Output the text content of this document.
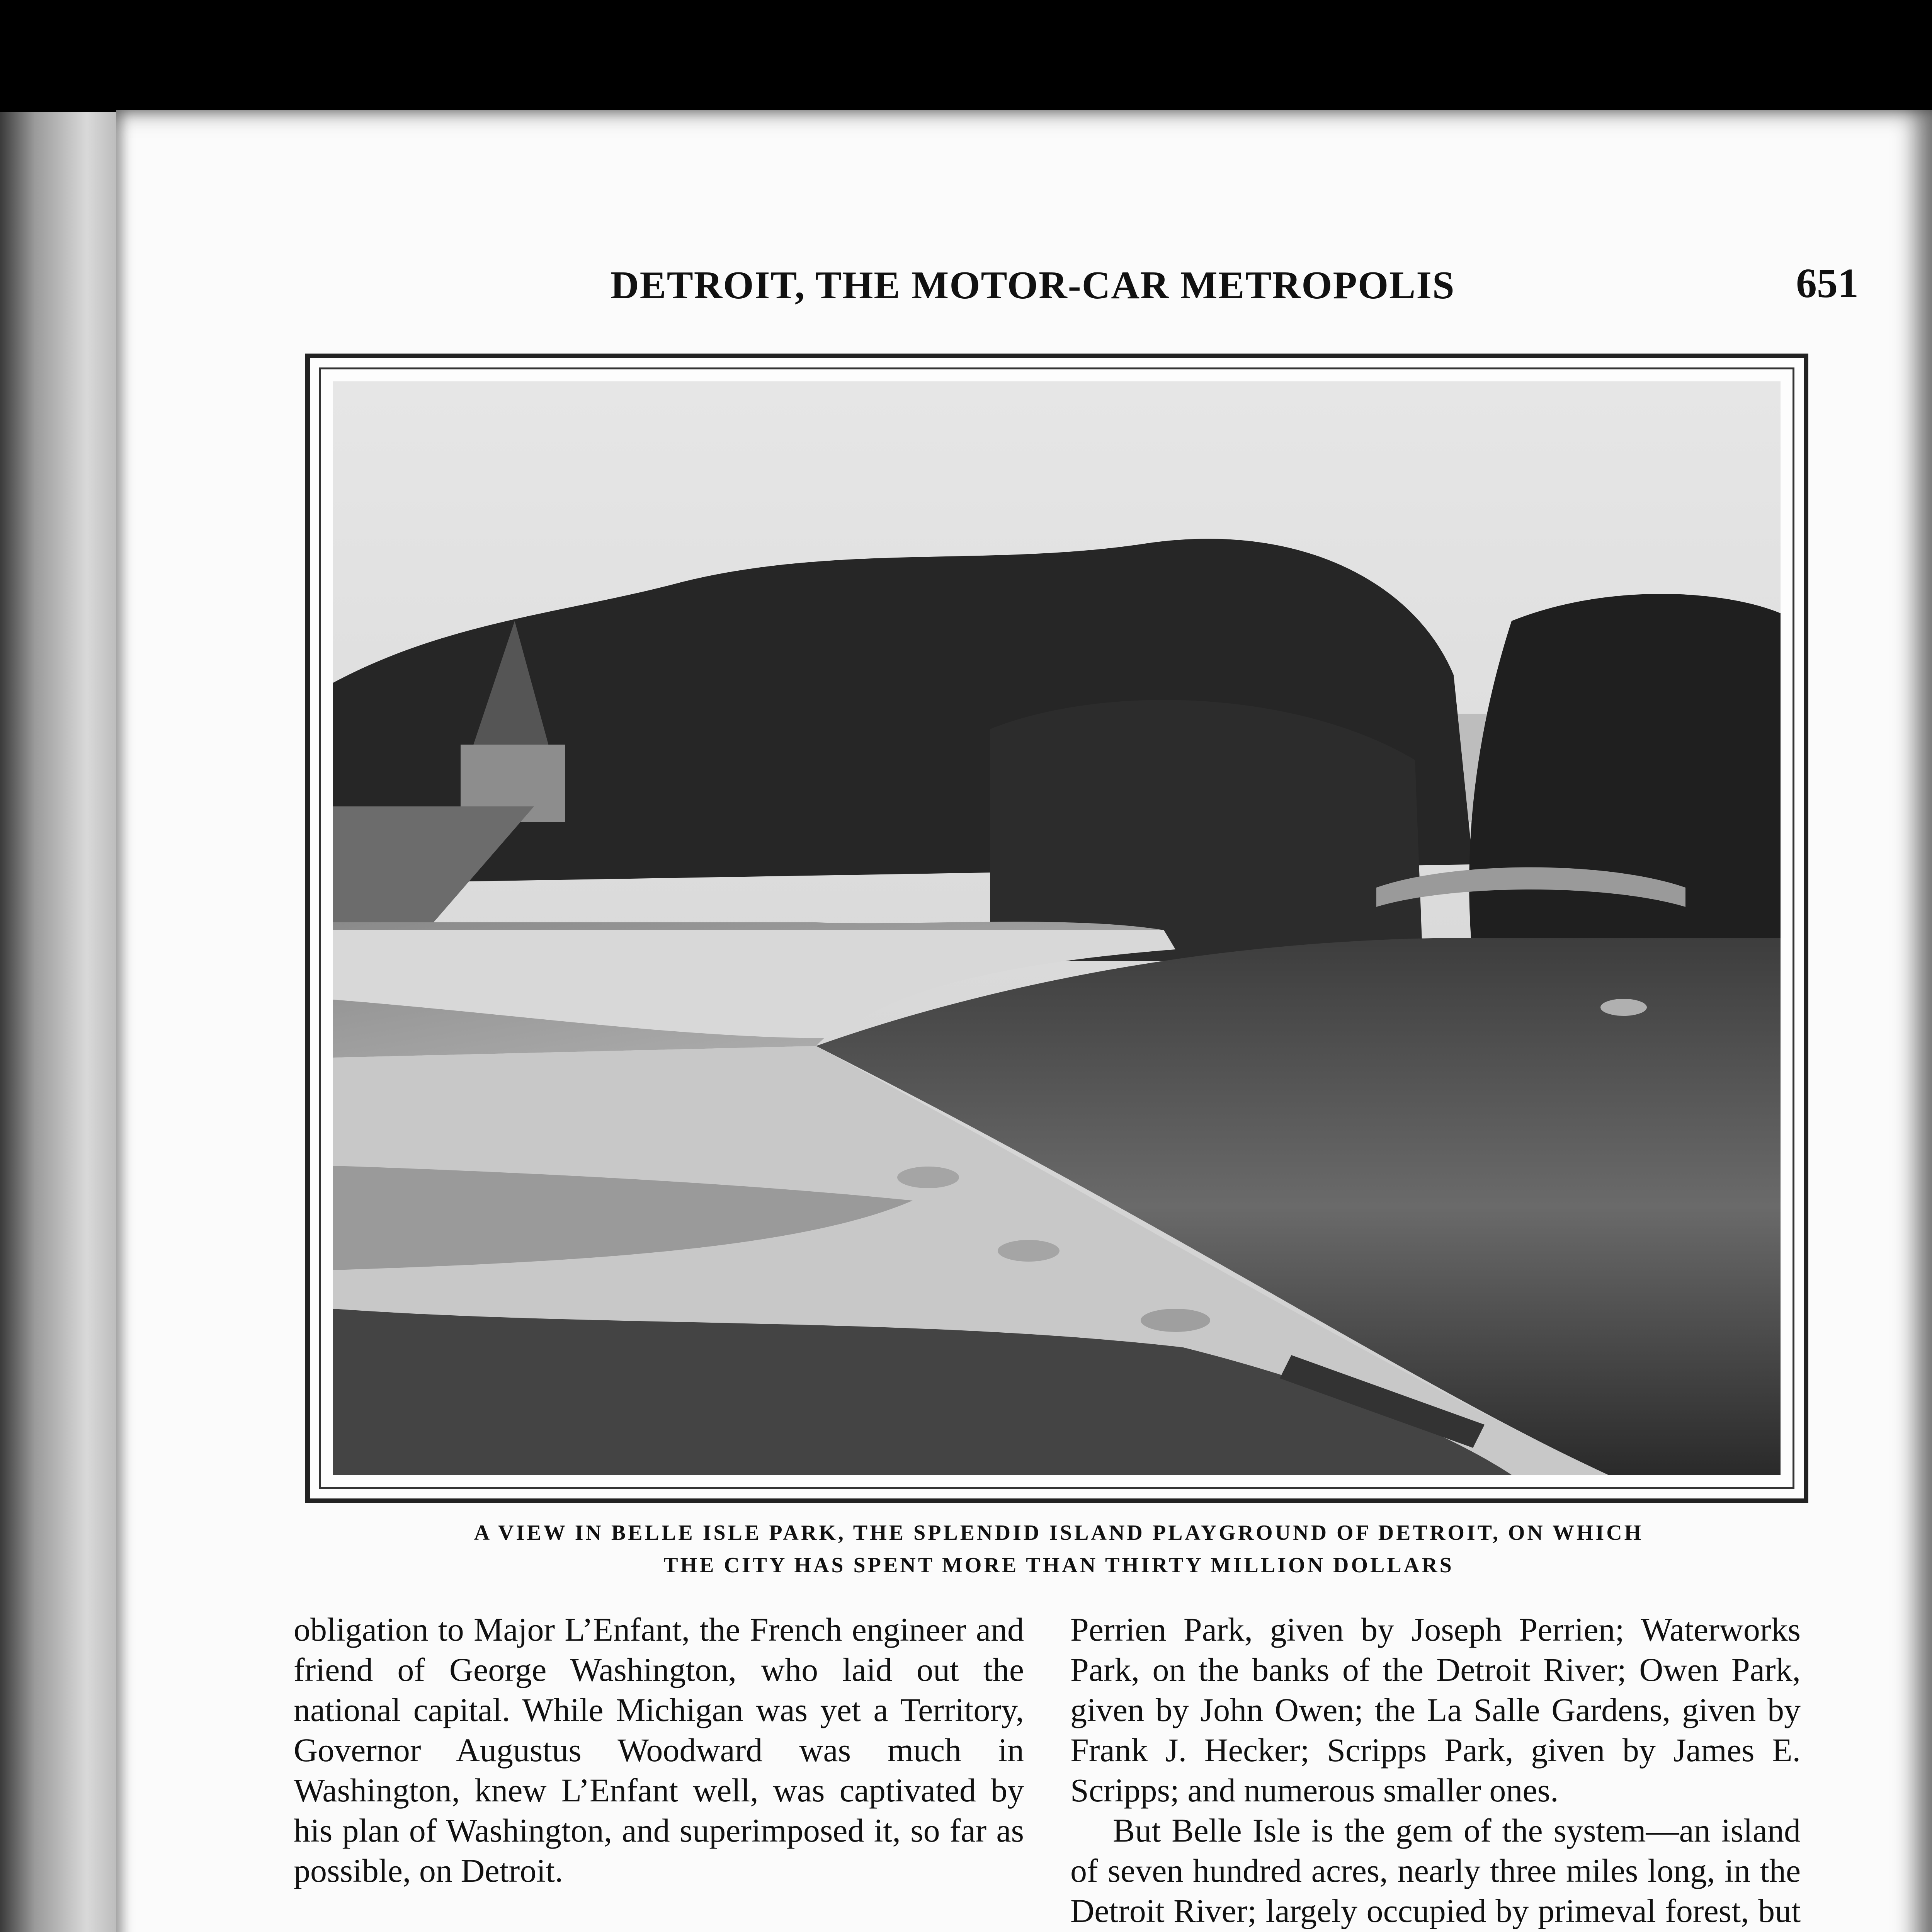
DETROIT, THE MOTOR-CAR METROPOLIS	651
A VIEW IN BELLE ISLE PARK, THE SPLENDID ISLAND PLAYGROUND OF DETROIT, ON WHICH
THE CITY HAS SPENT MORE THAN THIRTY MILLION DOLLARS

obligation to Major L’Enfant, the French engineer and friend of George Washington, who laid out the national capital. While Michigan was yet a Territory, Governor Augustus Woodward was much in Washington, knew L’Enfant well, was captivated by his plan of Washington, and superimposed it, so far as possible, on Detroit.

Perrien Park, given by Joseph Perrien; Waterworks Park, on the banks of the Detroit River; Owen Park, given by John Owen; the La Salle Gardens, given by Frank J. Hecker; Scripps Park, given by James E. Scripps; and numerous smaller ones.

But Belle Isle is the gem of the system—an island of seven hundred acres, nearly three miles long, in the Detroit River; largely occupied by primeval forest, but
